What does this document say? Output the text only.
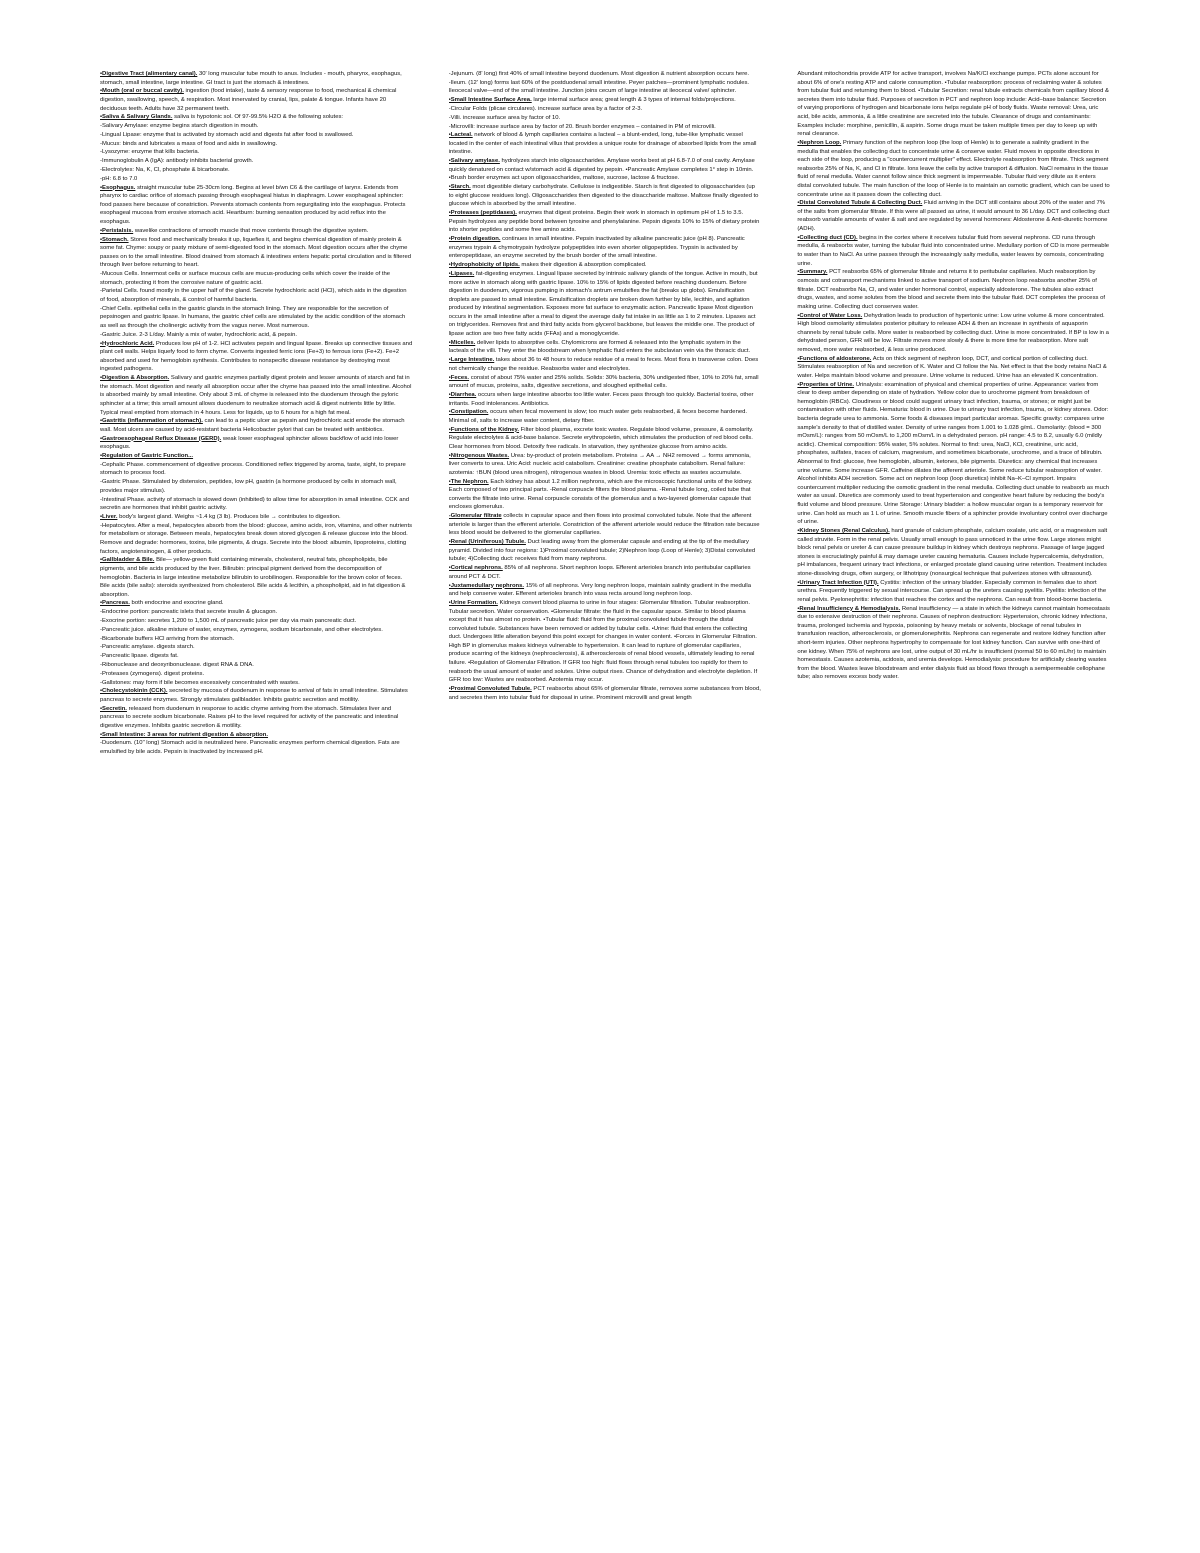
•Digestive Tract (alimentary canal). 30' long muscular tube mouth to anus. Includes - mouth, pharynx, esophagus, stomach, small intestine, large intestine. GI tract is just the stomach & intestines.

•Mouth (oral or buccal cavity). ingestion (food intake), taste & sensory response to food, mechanical & chemical digestion, swallowing, speech, & respiration. Most innervated by cranial, lips, palate & tongue. Infants have 20 deciduous teeth. Adults have 32 permanent teeth.

•Saliva & Salivary Glands. saliva is hypotonic sol. Of 97-99.5% H2O & the following solutes:

-Salivary Amylase: enzyme begins starch digestion in mouth.

-Lingual Lipase: enzyme that is activated by stomach acid and digests fat after food is swallowed.

-Mucus: binds and lubricates a mass of food and aids in swallowing.

-Lysozyme: enzyme that kills bacteria.

-Immunoglobulin A (IgA): antibody inhibits bacterial growth.

-Electrolytes: Na, K, Cl, phosphate & bicarbonate.

-pH: 6.8 to 7.0

•Esophagus. straight muscular tube 25-30cm long. Begins at level b/wn C6 & the cartilage of larynx. Extends from pharynx to cardiac orifice of stomach passing through esophageal hiatus in diaphragm. Lower esophageal sphincter: food passes here because of constriction. Prevents stomach contents from regurgitating into the esophagus. Protects esophageal mucosa from erosive stomach acid. Heartburn: burning sensation produced by acid reflux into the esophagus.

•Peristalsis. wavelike contractions of smooth muscle that move contents through the digestive system.

•Stomach. Stores food and mechanically breaks it up, liquefies it, and begins chemical digestion of mainly protein & some fat. Chyme: soupy or pasty mixture of semi-digested food in the stomach. Most digestion occurs after the chyme passes on to the small intestine. Blood drained from stomach & intestines enters hepatic portal circulation and is filtered through liver before returning to heart.

-Mucous Cells. Innermost cells or surface mucous cells are mucus-producing cells which cover the inside of the stomach, protecting it from the corrosive nature of gastric acid.

-Parietal Cells. found mostly in the upper half of the gland. Secrete hydrochloric acid (HCl), which aids in the digestion of food, absorption of minerals, & control of harmful bacteria.

-Chief Cells. epithelial cells in the gastric glands in the stomach lining. They are responsible for the secretion of pepsinogen and gastric lipase. In humans, the gastric chief cells are stimulated by the acidic condition of the stomach as well as through the cholinergic activity from the vagus nerve. Most numerous.

-Gastric Juice. 2-3 L/day. Mainly a mix of water, hydrochloric acid, & pepsin.

•Hydrochloric Acid. Produces low pH of 1-2. HCl activates pepsin and lingual lipase. Breaks up connective tissues and plant cell walls. Helps liquefy food to form chyme. Converts ingested ferric ions (Fe+3) to ferrous ions (Fe+2). Fe+2 absorbed and used for hemoglobin synthesis. Contributes to nonspecific disease resistance by destroying most ingested pathogens.

•Digestion & Absorption. Salivary and gastric enzymes partially digest protein and lesser amounts of starch and fat in the stomach. Most digestion and nearly all absorption occur after the chyme has passed into the small intestine. Alcohol is absorbed mainly by small intestine. Only about 3 mL of chyme is released into the duodenum through the pyloric sphincter at a time; this small amount allows duodenum to neutralize stomach acid & digest nutrients little by little. Typical meal emptied from stomach in 4 hours. Less for liquids, up to 6 hours for a high fat meal.

•Gastritis (inflammation of stomach). can lead to a peptic ulcer as pepsin and hydrochloric acid erode the stomach wall. Most ulcers are caused by acid-resistant bacteria Helicobacter pylori that can be treated with antibiotics.

•Gastroesophageal Reflux Disease (GERD). weak lower esophageal sphincter allows backflow of acid into lower esophagus.

•Regulation of Gastric Function...

-Cephalic Phase. commencement of digestive process. Conditioned reflex triggered by aroma, taste, sight, to prepare stomach to process food.

-Gastric Phase. Stimulated by distension, peptides, low pH, gastrin (a hormone produced by cells in stomach wall, provides major stimulus).

-Intestinal Phase. activity of stomach is slowed down (inhibited) to allow time for absorption in small intestine. CCK and secretin are hormones that inhibit gastric activity.

•Liver. body's largest gland. Weighs ~1.4 kg (3 lb). Produces bile → contributes to digestion.

-Hepatocytes. After a meal, hepatocytes absorb from the blood: glucose, amino acids, iron, vitamins, and other nutrients for metabolism or storage. Between meals, hepatocytes break down stored glycogen & release glucose into the blood. Remove and degrade: hormones, toxins, bile pigments, & drugs. Secrete into the blood: albumin, lipoproteins, clotting factors, angiotensinogen, & other products.

•Gallbladder & Bile. Bile— yellow-green fluid containing minerals, cholesterol, neutral fats, phospholipids, bile pigments, and bile acids produced by the liver. Bilirubin: principal pigment derived from the decomposition of hemoglobin. Bacteria in large intestine metabolize bilirubin to urobilinogen. Responsible for the brown color of feces. Bile acids (bile salts): steroids synthesized from cholesterol. Bile acids & lecithin, a phospholipid, aid in fat digestion & absorption.

•Pancreas. both endocrine and exocrine gland.

-Endocrine portion: pancreatic islets that secrete insulin & glucagon.

-Exocrine portion: secretes 1,200 to 1,500 mL of pancreatic juice per day via main pancreatic duct.

-Pancreatic juice. alkaline mixture of water, enzymes, zymogens, sodium bicarbonate, and other electrolytes.

-Bicarbonate buffers HCl arriving from the stomach.

-Pancreatic amylase. digests starch.

-Pancreatic lipase. digests fat.

-Ribonuclease and deoxyribonuclease. digest RNA & DNA.

-Proteases (zymogens). digest proteins.

-Gallstones: may form if bile becomes excessively concentrated with wastes.

•Cholecystokinin (CCK). secreted by mucosa of duodenum in response to arrival of fats in small intestine. Stimulates pancreas to secrete enzymes. Strongly stimulates gallbladder. Inhibits gastric secretion and motility.

•Secretin. released from duodenum in response to acidic chyme arriving from the stomach. Stimulates liver and pancreas to secrete sodium bicarbonate. Raises pH to the level required for activity of the pancreatic and intestinal digestive enzymes. Inhibits gastric secretion & motility.

•Small Intestine: 3 areas for nutrient digestion & absorption.

-Duodenum. (10" long) Stomach acid is neutralized here. Pancreatic enzymes perform chemical digestion. Fats are emulsified by bile acids. Pepsin is inactivated by increased pH.

-Jejunum. (8' long) first 40% of small intestine beyond duodenum. Most digestion & nutrient absorption occurs here.

-Ileum. (12' long) forms last 60% of the postduodenal small intestine. Peyer patches—prominent lymphatic nodules. Ileocecal valve—end of the small intestine. Junction joins cecum of large intestine at ileocecal valve/ sphincter.

•Small Intestine Surface Area. large internal surface area; great length & 3 types of internal folds/projections.

-Circular Folds (plicae circulares). increase surface area by a factor of 2-3.

-Villi. increase surface area by factor of 10.

-Microvilli: increase surface area by factor of 20. Brush border enzymes – contained in PM of microvilli.

•Lacteal. network of blood & lymph capillaries contains a lacteal – a blunt-ended, long, tube-like lymphatic vessel located in the center of each intestinal villus that provides a unique route for drainage of absorbed lipids from the small intestine.

•Salivary amylase. hydrolyzes starch into oligosaccharides. Amylase works best at pH 6.8-7.0 of oral cavity. Amylase quickly denatured on contact w/stomach acid & digested by pepsin. •Pancreatic Amylase completes 1° step in 10min. •Brush border enzymes act upon oligosaccharides, maltose, sucrose, lactose & fructose.

•Starch. most digestible dietary carbohydrate. Cellulose is indigestible. Starch is first digested to oligosaccharides (up to eight glucose residues long). Oligosaccharides then digested to the disaccharide maltose. Maltose finally digested to glucose which is absorbed by the small intestine.

•Proteases (peptidases). enzymes that digest proteins. Begin their work in stomach in optimum pH of 1.5 to 3.5. Pepsin hydrolyzes any peptide bond between tyrosine and phenylalanine. Pepsin digests 10% to 15% of dietary protein into shorter peptides and some free amino acids.

•Protein digestion. continues in small intestine. Pepsin inactivated by alkaline pancreatic juice (pH 8). Pancreatic enzymes trypsin & chymotrypsin hydrolyze polypeptides into even shorter oligopeptides. Trypsin is activated by enteropeptidase, an enzyme secreted by the brush border of the small intestine.

•Hydrophobicity of lipids. makes their digestion & absorption complicated.

•Lipases. fat-digesting enzymes. Lingual lipase secreted by intrinsic salivary glands of the tongue. Active in mouth, but more active in stomach along with gastric lipase. 10% to 15% of lipids digested before reaching duodenum. Before digestion in duodenum, vigorous pumping in stomach's antrum emulsifies the fat (breaks up globs). Emulsification droplets are passed to small intestine. Emulsification droplets are broken down further by bile, lecithin, and agitation produced by intestinal segmentation. Exposes more fat surface to enzymatic action. Pancreatic lipase Most digestion occurs in the small intestine after a meal to digest the average daily fat intake in as little as 1 to 2 minutes. Lipases act on triglycerides. Removes first and third fatty acids from glycerol backbone, but leaves the middle one. The product of lipase action are two free fatty acids (FFAs) and a monoglyceride.

•Micelles. deliver lipids to absorptive cells. Chylomicrons are formed & released into the lymphatic system in the lacteals of the villi. They enter the bloodstream when lymphatic fluid enters the subclavian vein via the thoracic duct.

•Large Intestine. takes about 36 to 48 hours to reduce residue of a meal to feces. Most flora in transverse colon. Does not chemically change the residue. Reabsorbs water and electrolytes.

•Feces. consist of about 75% water and 25% solids. Solids: 30% bacteria, 30% undigested fiber, 10% to 20% fat, small amount of mucus, proteins, salts, digestive secretions, and sloughed epithelial cells.

•Diarrhea. occurs when large intestine absorbs too little water. Feces pass through too quickly. Bacterial toxins, other irritants. Food intolerances. Antibiotics.

•Constipation. occurs when fecal movement is slow; too much water gets reabsorbed, & feces become hardened. Minimal oil, salts to increase water content, dietary fiber.

•Functions of the Kidney. Filter blood plasma, excrete toxic wastes. Regulate blood volume, pressure, & osmolarity. Regulate electrolytes & acid-base balance. Secrete erythropoietin, which stimulates the production of red blood cells. Clear hormones from blood. Detoxify free radicals. In starvation, they synthesize glucose from amino acids.

•Nitrogenous Wastes. Urea: by-product of protein metabolism. Proteins → AA → NH2 removed → forms ammonia, liver converts to urea. Uric Acid: nucleic acid catabolism. Creatinine: creatine phosphate catabolism. Renal failure: azotemia: ↑BUN (blood urea nitrogen), nitrogenous wastes in blood. Uremia: toxic effects as wastes accumulate.

•The Nephron. Each kidney has about 1.2 million nephrons, which are the microscopic functional units of the kidney. Each composed of two principal parts. -Renal corpuscle filters the blood plasma. -Renal tubule long, coiled tube that converts the filtrate into urine. Renal corpuscle consists of the glomerulus and a two-layered glomerular capsule that encloses glomerulus.

-Glomerular filtrate collects in capsular space and then flows into proximal convoluted tubule. Note that the afferent arteriole is larger than the efferent arteriole. Constriction of the afferent arteriole would reduce the filtration rate because less blood would be delivered to the glomerular capillaries.

•Renal (Uriniferous) Tubule. Duct leading away from the glomerular capsule and ending at the tip of the medullary pyramid. Divided into four regions: 1)Proximal convoluted tubule; 2)Nephron loop (Loop of Henle); 3)Distal convoluted tubule; 4)Collecting duct: receives fluid from many nephrons.

•Cortical nephrons. 85% of all nephrons. Short nephron loops. Efferent arterioles branch into peritubular capillaries around PCT & DCT.

•Juxtamedullary nephrons. 15% of all nephrons. Very long nephron loops, maintain salinity gradient in the medulla and help conserve water. Efferent arterioles branch into vasa recta around long nephron loop.

•Urine Formation. Kidneys convert blood plasma to urine in four stages: Glomerular filtration. Tubular reabsorption. Tubular secretion. Water conservation. •Glomerular filtrate: the fluid in the capsular space. Similar to blood plasma except that it has almost no protein. •Tubular fluid: fluid from the proximal convoluted tubule through the distal convoluted tubule. Substances have been removed or added by tubular cells. •Urine: fluid that enters the collecting duct. Undergoes little alteration beyond this point except for changes in water content. •Forces in Glomerular Filtration. High BP in glomerulus makes kidneys vulnerable to hypertension. It can lead to rupture of glomerular capillaries, produce scarring of the kidneys (nephrosclerosis), & atherosclerosis of renal blood vessels, ultimately leading to renal failure. •Regulation of Glomerular Filtration. If GFR too high: fluid flows through renal tubules too rapidly for them to reabsorb the usual amount of water and solutes. Urine output rises. Chance of dehydration and electrolyte depletion. If GFR too low: Wastes are reabsorbed. Azotemia may occur.

•Proximal Convoluted Tubule. PCT reabsorbs about 65% of glomerular filtrate, removes some substances from blood, and secretes them into tubular fluid for disposal in urine. Prominent microvilli and great length

Abundant mitochondria provide ATP for active transport, involves Na/K/Cl exchange pumps. PCTs alone account for about 6% of one's resting ATP and calorie consumption. •Tubular reabsorption: process of reclaiming water & solutes from tubular fluid and returning them to blood. •Tubular Secretion: renal tubule extracts chemicals from capillary blood & secretes them into tubular fluid. Purposes of secretion in PCT and nephron loop include: Acid–base balance: Secretion of varying proportions of hydrogen and bicarbonate ions helps regulate pH of body fluids. Waste removal: Urea, uric acid, bile acids, ammonia, & a little creatinine are secreted into the tubule. Clearance of drugs and contaminants: Examples include: morphine, penicillin, & aspirin. Some drugs must be taken multiple times per day to keep up with renal clearance.

•Nephron Loop. Primary function of the nephron loop (the loop of Henle) is to generate a salinity gradient in the medulla that enables the collecting duct to concentrate urine & conserve water. Fluid moves in opposite directions in each side of the loop, producing a "countercurrent multiplier" effect. Electrolyte reabsorption from filtrate. Thick segment reabsorbs 25% of Na, K, and Cl in filtrate. Ions leave the cells by active transport & diffusion. NaCl remains in the tissue fluid of renal medulla. Water cannot follow since thick segment is impermeable. Tubular fluid very dilute as it enters distal convoluted tubule. The main function of the loop of Henle is to maintain an osmotic gradient, which can be used to concentrate urine as it passes down the collecting duct.

•Distal Convoluted Tubule & Collecting Duct. Fluid arriving in the DCT still contains about 20% of the water and 7% of the salts from glomerular filtrate. If this were all passed as urine, it would amount to 36 L/day. DCT and collecting duct reabsorb variable amounts of water & salt and are regulated by several hormones: Aldosterone & Anti-diuretic hormone (ADH).

•Collecting duct (CD). begins in the cortex where it receives tubular fluid from several nephrons. CD runs through medulla, & reabsorbs water, turning the tubular fluid into concentrated urine. Medullary portion of CD is more permeable to water than to NaCl. As urine passes through the increasingly salty medulla, water leaves by osmosis, concentrating urine.

•Summary. PCT reabsorbs 65% of glomerular filtrate and returns it to peritubular capillaries. Much reabsorption by osmosis and cotransport mechanisms linked to active transport of sodium. Nephron loop reabsorbs another 25% of filtrate. DCT reabsorbs Na, Cl, and water under hormonal control, especially aldosterone. The tubules also extract drugs, wastes, and some solutes from the blood and secrete them into the tubular fluid. DCT completes the process of making urine. Collecting duct conserves water.

•Control of Water Loss. Dehydration leads to production of hypertonic urine: Low urine volume & more concentrated. High blood osmolarity stimulates posterior pituitary to release ADH & then an increase in synthesis of aquaporin channels by renal tubule cells. More water is reabsorbed by collecting duct. Urine is more concentrated. If BP is low in a dehydrated person, GFR will be low. Filtrate moves more slowly & there is more time for reabsorption. More salt removed, more water reabsorbed, & less urine produced.

•Functions of aldosterone. Acts on thick segment of nephron loop, DCT, and cortical portion of collecting duct. Stimulates reabsorption of Na and secretion of K. Water and Cl follow the Na. Net effect is that the body retains NaCl & water. Helps maintain blood volume and pressure. Urine volume is reduced. Urine has an elevated K concentration.

•Properties of Urine. Urinalysis: examination of physical and chemical properties of urine. Appearance: varies from clear to deep amber depending on state of hydration. Yellow color due to urochrome pigment from breakdown of hemoglobin (RBCs). Cloudiness or blood could suggest urinary tract infection, trauma, or stones; or might just be contamination with other fluids. Hematuria: blood in urine. Due to urinary tract infection, trauma, or kidney stones. Odor: bacteria degrade urea to ammonia. Some foods & diseases impart particular aromas. Specific gravity: compares urine sample's density to that of distilled water. Density of urine ranges from 1.001 to 1.028 g/mL. Osmolarity: (blood = 300 mOsm/L): ranges from 50 mOsm/L to 1,200 mOsm/L in a dehydrated person. pH range: 4.5 to 8.2, usually 6.0 (mildly acidic). Chemical composition: 95% water, 5% solutes. Normal to find: urea, NaCl, KCl, creatinine, uric acid, phosphates, sulfates, traces of calcium, magnesium, and sometimes bicarbonate, urochrome, and a trace of bilirubin. Abnormal to find: glucose, free hemoglobin, albumin, ketones, bile pigments. Diuretics: any chemical that increases urine volume. Some increase GFR. Caffeine dilates the afferent arteriole. Some reduce tubular reabsorption of water. Alcohol inhibits ADH secretion. Some act on nephron loop (loop diuretics) inhibit Na–K–Cl symport. Impairs countercurrent multiplier reducing the osmotic gradient in the renal medulla. Collecting duct unable to reabsorb as much water as usual. Diuretics are commonly used to treat hypertension and congestive heart failure by reducing the body's fluid volume and blood pressure. Urine Storage: Urinary bladder: a hollow muscular organ is a temporary reservoir for urine. Can hold as much as 1 L of urine. Smooth muscle fibers of a sphincter provide involuntary control over discharge of urine.

•Kidney Stones (Renal Calculus). hard granule of calcium phosphate, calcium oxalate, uric acid, or a magnesium salt called struvite. Form in the renal pelvis. Usually small enough to pass unnoticed in the urine flow. Large stones might block renal pelvis or ureter & can cause pressure buildup in kidney which destroys nephrons. Passage of large jagged stones is excruciatingly painful & may damage ureter causing hematuria. Causes include hypercalcemia, dehydration, pH imbalances, frequent urinary tract infections, or enlarged prostate gland causing urine retention. Treatment includes stone-dissolving drugs, often surgery, or lithotripsy (nonsurgical technique that pulverizes stones with ultrasound).

•Urinary Tract Infection (UTI). Cystitis: infection of the urinary bladder. Especially common in females due to short urethra. Frequently triggered by sexual intercourse. Can spread up the ureters causing pyelitis. Pyelitis: infection of the renal pelvis. Pyelonephritis: infection that reaches the cortex and the nephrons. Can result from blood-borne bacteria.

•Renal Insufficiency & Hemodialysis. Renal insufficiency — a state in which the kidneys cannot maintain homeostasis due to extensive destruction of their nephrons. Causes of nephron destruction: Hypertension, chronic kidney infections, trauma, prolonged ischemia and hypoxia, poisoning by heavy metals or solvents, blockage of renal tubules in transfusion reaction, atherosclerosis, or glomerulonephritis. Nephrons can regenerate and restore kidney function after short-term injuries. Other nephrons hypertrophy to compensate for lost kidney function. Can survive with one-third of one kidney. When 75% of nephrons are lost, urine output of 30 mL/hr is insufficient (normal 50 to 60 mL/hr) to maintain homeostasis. Causes azotemia, acidosis, and uremia develops. Hemodialysis: procedure for artificially clearing wastes from the blood. Wastes leave bloodstream and enter dialysis fluid as blood flows through a semipermeable cellophane tube; also removes excess body water.
